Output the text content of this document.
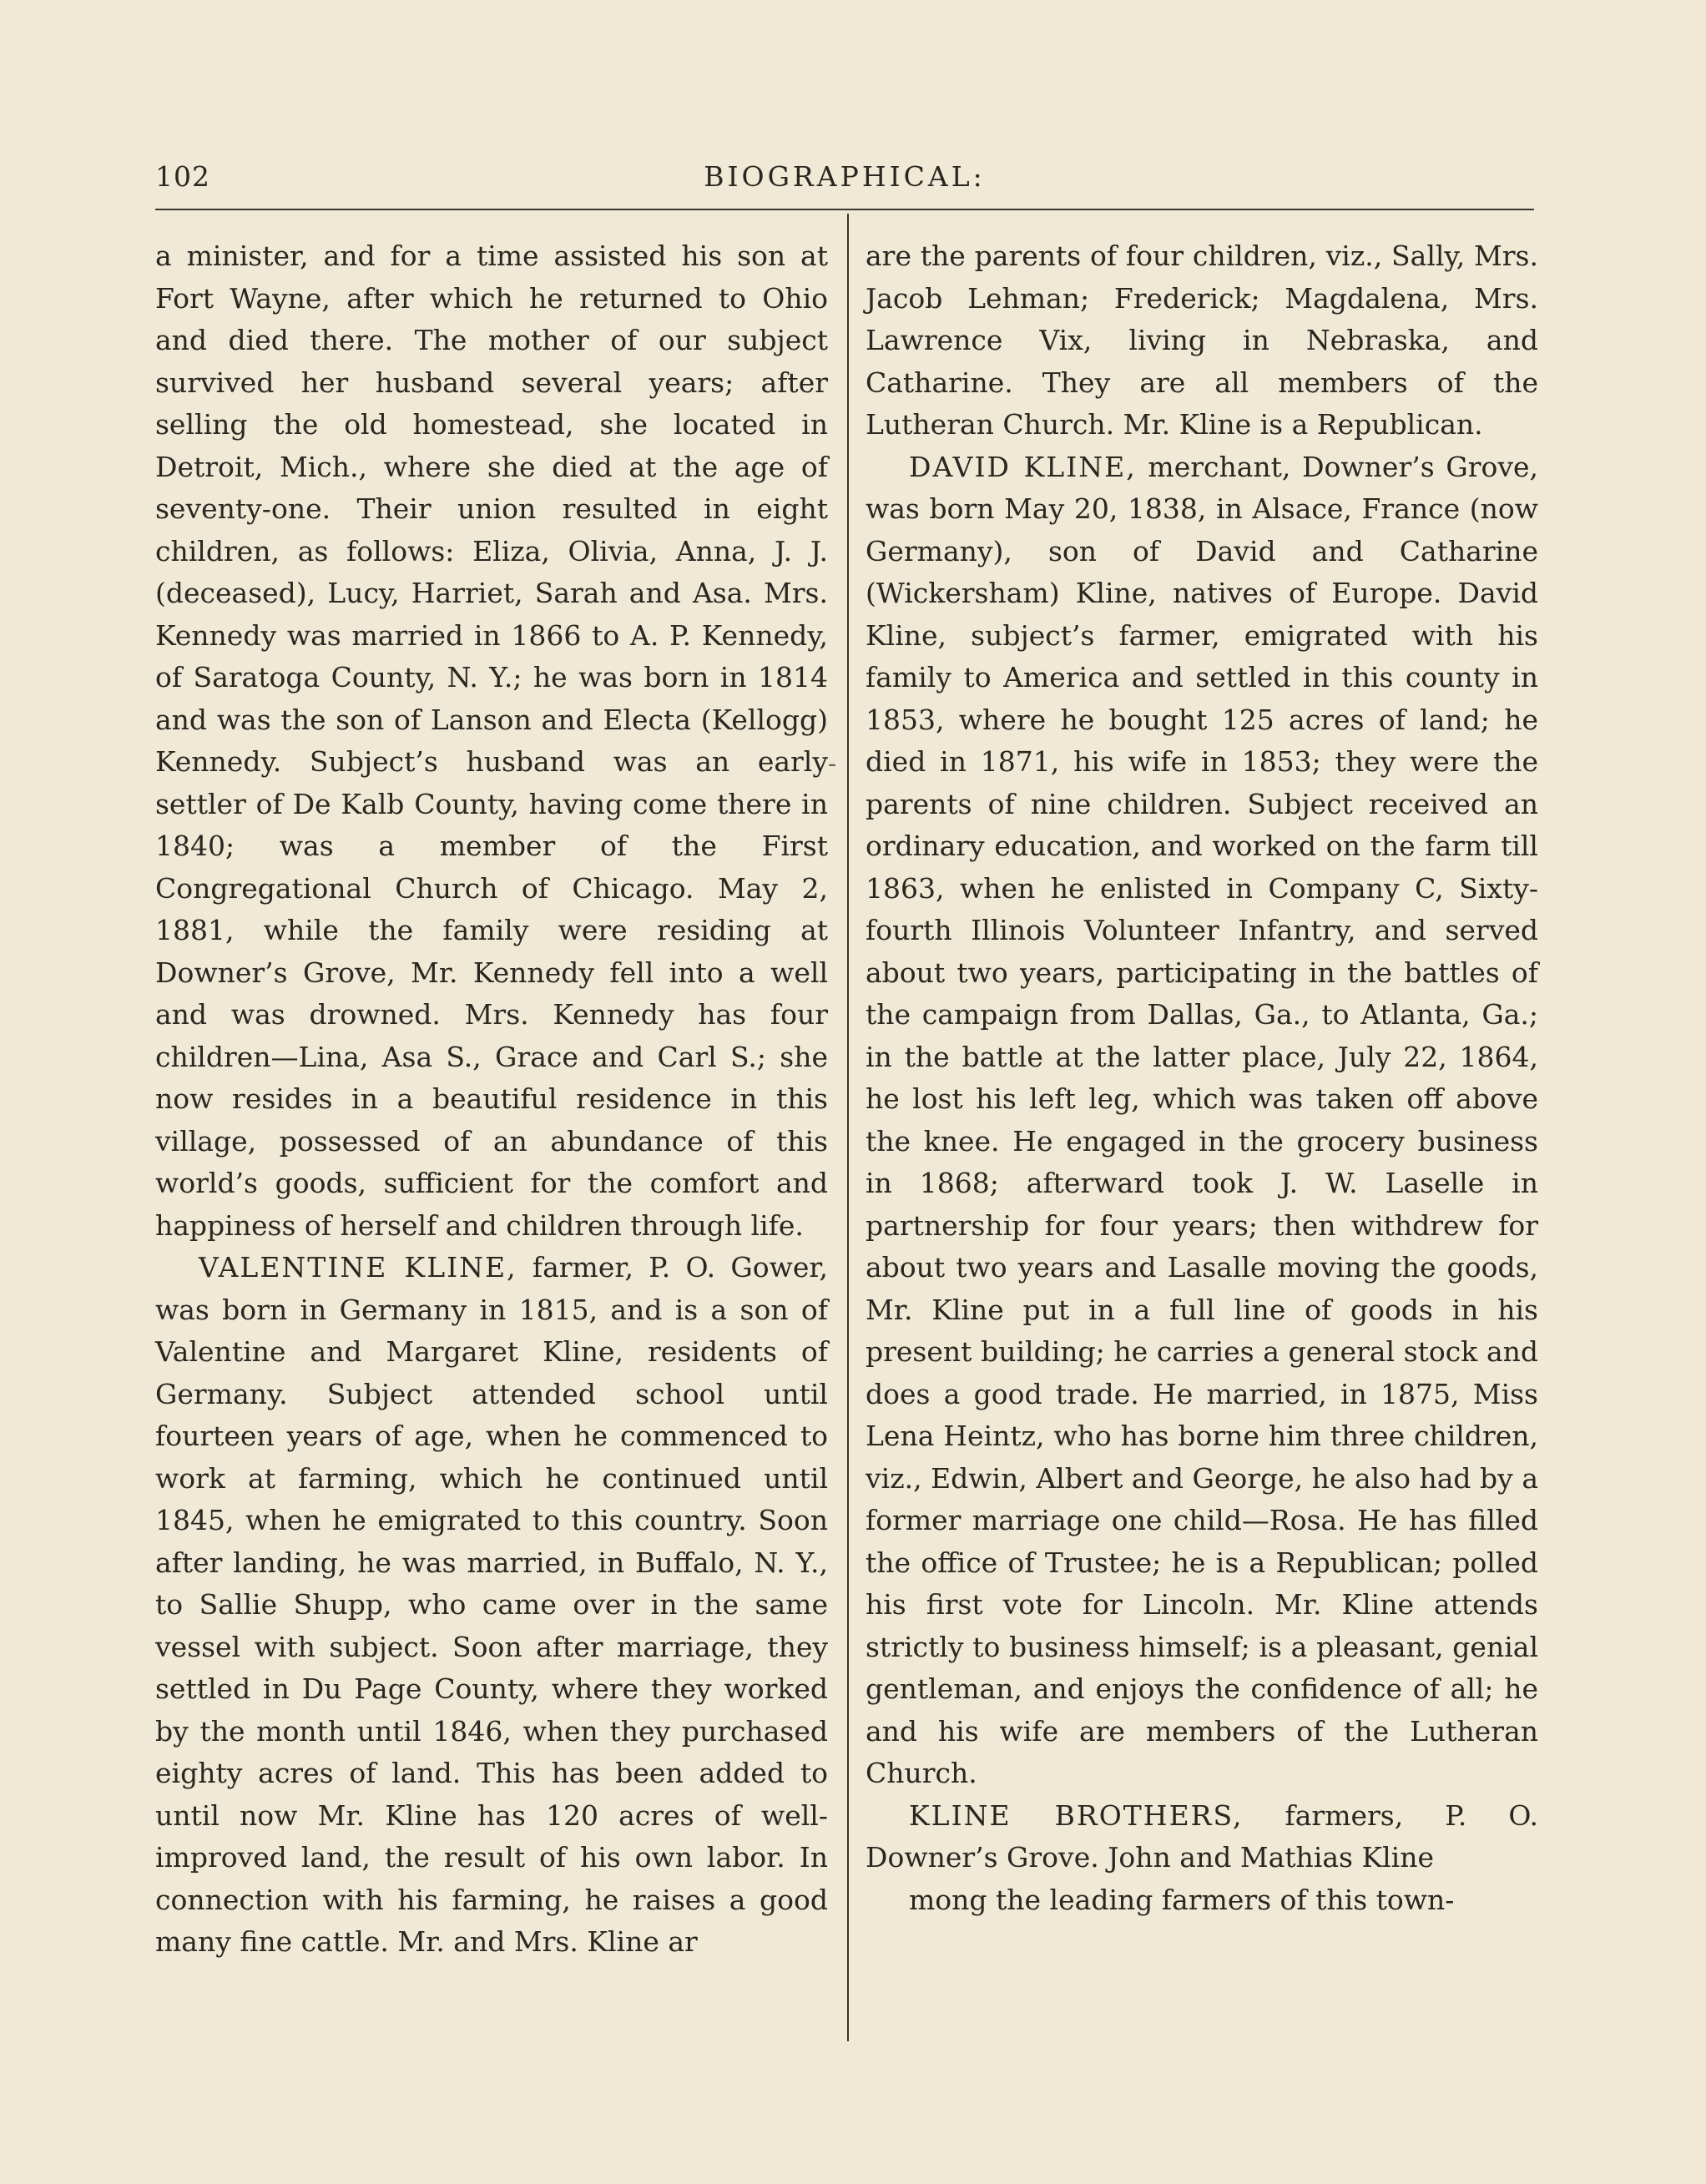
102	BIOGRAPHICAL:

a minister, and for a time assisted his son at Fort Wayne, after which he returned to Ohio and died there. The mother of our subject survived her husband several years; after selling the old homestead, she located in Detroit, Mich., where she died at the age of seventy-one. Their union resulted in eight children, as follows: Eliza, Olivia, Anna, J. J. (deceased), Lucy, Harriet, Sarah and Asa. Mrs. Kennedy was married in 1866 to A. P. Kennedy, of Saratoga County, N. Y.; he was born in 1814 and was the son of Lanson and Electa (Kellogg) Kennedy. Subject’s husband was an early settler of De Kalb County, having come there in 1840; was a member of the First Congregational Church of Chicago. May 2, 1881, while the family were residing at Downer’s Grove, Mr. Kennedy fell into a well and was drowned. Mrs. Kennedy has four children—Lina, Asa S., Grace and Carl S.; she now resides in a beautiful residence in this village, possessed of an abundance of this world’s goods, sufficient for the comfort and happiness of herself and children through life.

VALENTINE KLINE, farmer, P. O. Gower, was born in Germany in 1815, and is a son of Valentine and Margaret Kline, residents of Germany. Subject attended school until fourteen years of age, when he commenced to work at farming, which he continued until 1845, when he emigrated to this country. Soon after landing, he was married, in Buffalo, N. Y., to Sallie Shupp, who came over in the same vessel with subject. Soon after marriage, they settled in Du Page County, where they worked by the month until 1846, when they purchased eighty acres of land. This has been added to until now Mr. Kline has 120 acres of well-improved land, the result of his own labor. In connection with his farming, he raises a good many fine cattle. Mr. and Mrs. Kline ar

are the parents of four children, viz., Sally, Mrs. Jacob Lehman; Frederick; Magdalena, Mrs. Lawrence Vix, living in Nebraska, and Catharine. They are all members of the Lutheran Church. Mr. Kline is a Republican.

DAVID KLINE, merchant, Downer’s Grove, was born May 20, 1838, in Alsace, France (now Germany), son of David and Catharine (Wickersham) Kline, natives of Europe. David Kline, subject’s farmer, emigrated with his family to America and settled in this county in 1853, where he bought 125 acres of land; he died in 1871, his wife in 1853; they were the parents of nine children. Subject received an ordinary education, and worked on the farm till 1863, when he enlisted in Company C, Sixty-fourth Illinois Volunteer Infantry, and served about two years, participating in the battles of the campaign from Dallas, Ga., to Atlanta, Ga.; in the battle at the latter place, July 22, 1864, he lost his left leg, which was taken off above the knee. He engaged in the grocery business in 1868; afterward took J. W. Laselle in partnership for four years; then withdrew for about two years and Lasalle moving the goods, Mr. Kline put in a full line of goods in his present building; he carries a general stock and does a good trade. He married, in 1875, Miss Lena Heintz, who has borne him three children, viz., Edwin, Albert and George, he also had by a former marriage one child—Rosa. He has filled the office of Trustee; he is a Republican; polled his first vote for Lincoln. Mr. Kline attends strictly to business himself; is a pleasant, genial gentleman, and enjoys the confidence of all; he and his wife are members of the Lutheran Church.

KLINE BROTHERS, farmers, P. O. Downer’s Grove. John and Mathias Kline

mong the leading farmers of this town-

-
